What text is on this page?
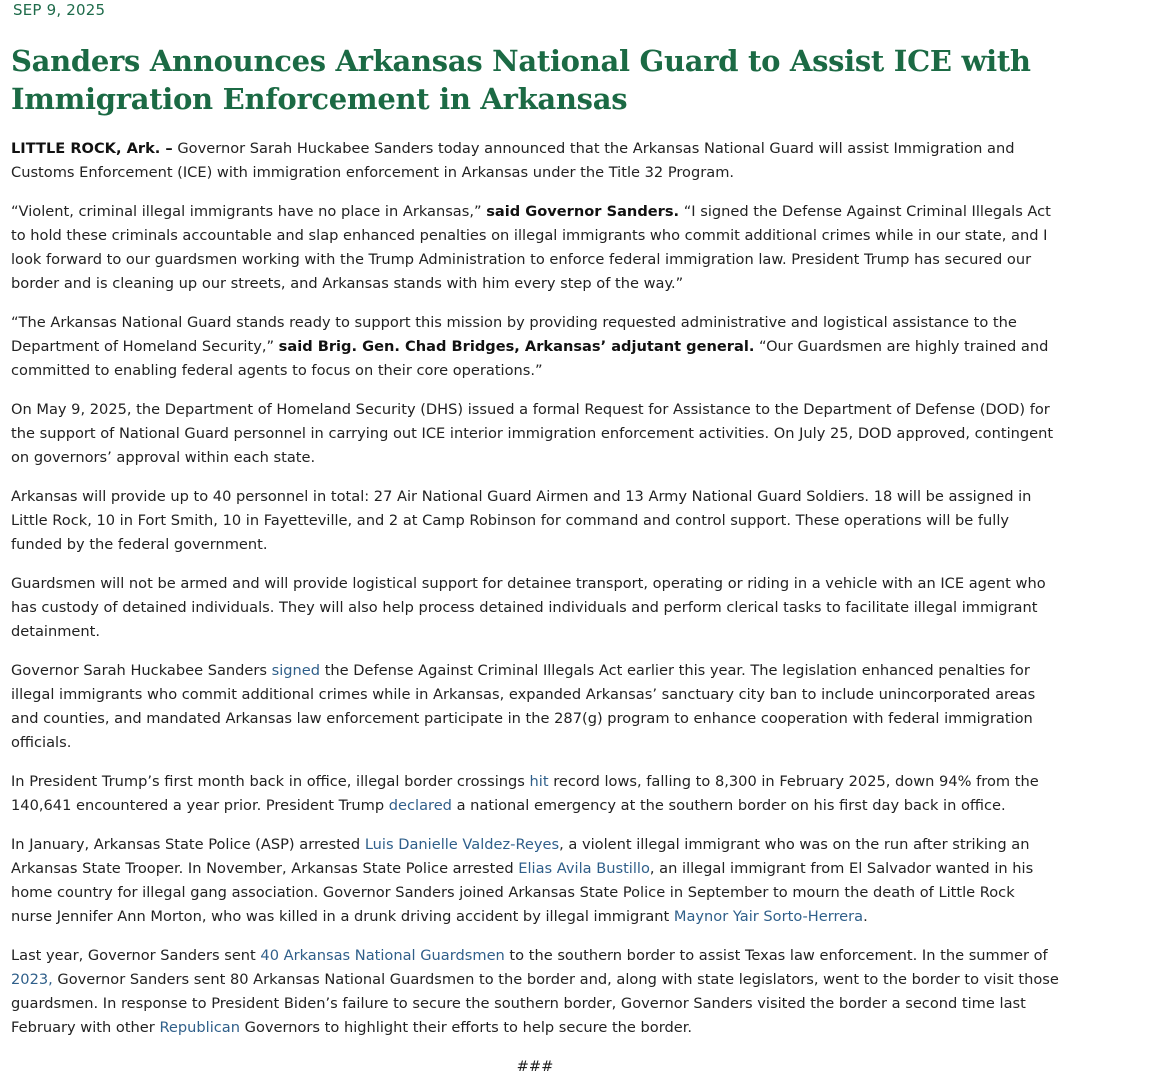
SEP 9, 2025
Sanders Announces Arkansas National Guard to Assist ICE with Immigration Enforcement in Arkansas

LITTLE ROCK, Ark. – Governor Sarah Huckabee Sanders today announced that the Arkansas National Guard will assist Immigration and Customs Enforcement (ICE) with immigration enforcement in Arkansas under the Title 32 Program.

“Violent, criminal illegal immigrants have no place in Arkansas,” said Governor Sanders. “I signed the Defense Against Criminal Illegals Act to hold these criminals accountable and slap enhanced penalties on illegal immigrants who commit additional crimes while in our state, and I look forward to our guardsmen working with the Trump Administration to enforce federal immigration law. President Trump has secured our border and is cleaning up our streets, and Arkansas stands with him every step of the way.”

“The Arkansas National Guard stands ready to support this mission by providing requested administrative and logistical assistance to the Department of Homeland Security,” said Brig. Gen. Chad Bridges, Arkansas’ adjutant general. “Our Guardsmen are highly trained and committed to enabling federal agents to focus on their core operations.”

On May 9, 2025, the Department of Homeland Security (DHS) issued a formal Request for Assistance to the Department of Defense (DOD) for the support of National Guard personnel in carrying out ICE interior immigration enforcement activities. On July 25, DOD approved, contingent on governors’ approval within each state.

Arkansas will provide up to 40 personnel in total: 27 Air National Guard Airmen and 13 Army National Guard Soldiers. 18 will be assigned in Little Rock, 10 in Fort Smith, 10 in Fayetteville, and 2 at Camp Robinson for command and control support. These operations will be fully funded by the federal government.

Guardsmen will not be armed and will provide logistical support for detainee transport, operating or riding in a vehicle with an ICE agent who has custody of detained individuals. They will also help process detained individuals and perform clerical tasks to facilitate illegal immigrant detainment.

Governor Sarah Huckabee Sanders signed the Defense Against Criminal Illegals Act earlier this year. The legislation enhanced penalties for illegal immigrants who commit additional crimes while in Arkansas, expanded Arkansas’ sanctuary city ban to include unincorporated areas and counties, and mandated Arkansas law enforcement participate in the 287(g) program to enhance cooperation with federal immigration officials.

In President Trump’s first month back in office, illegal border crossings hit record lows, falling to 8,300 in February 2025, down 94% from the 140,641 encountered a year prior. President Trump declared a national emergency at the southern border on his first day back in office.

In January, Arkansas State Police (ASP) arrested Luis Danielle Valdez-Reyes, a violent illegal immigrant who was on the run after striking an Arkansas State Trooper. In November, Arkansas State Police arrested Elias Avila Bustillo, an illegal immigrant from El Salvador wanted in his home country for illegal gang association. Governor Sanders joined Arkansas State Police in September to mourn the death of Little Rock nurse Jennifer Ann Morton, who was killed in a drunk driving accident by illegal immigrant Maynor Yair Sorto-Herrera.

Last year, Governor Sanders sent 40 Arkansas National Guardsmen to the southern border to assist Texas law enforcement. In the summer of 2023, Governor Sanders sent 80 Arkansas National Guardsmen to the border and, along with state legislators, went to the border to visit those guardsmen. In response to President Biden’s failure to secure the southern border, Governor Sanders visited the border a second time last February with other Republican Governors to highlight their efforts to help secure the border.

###
